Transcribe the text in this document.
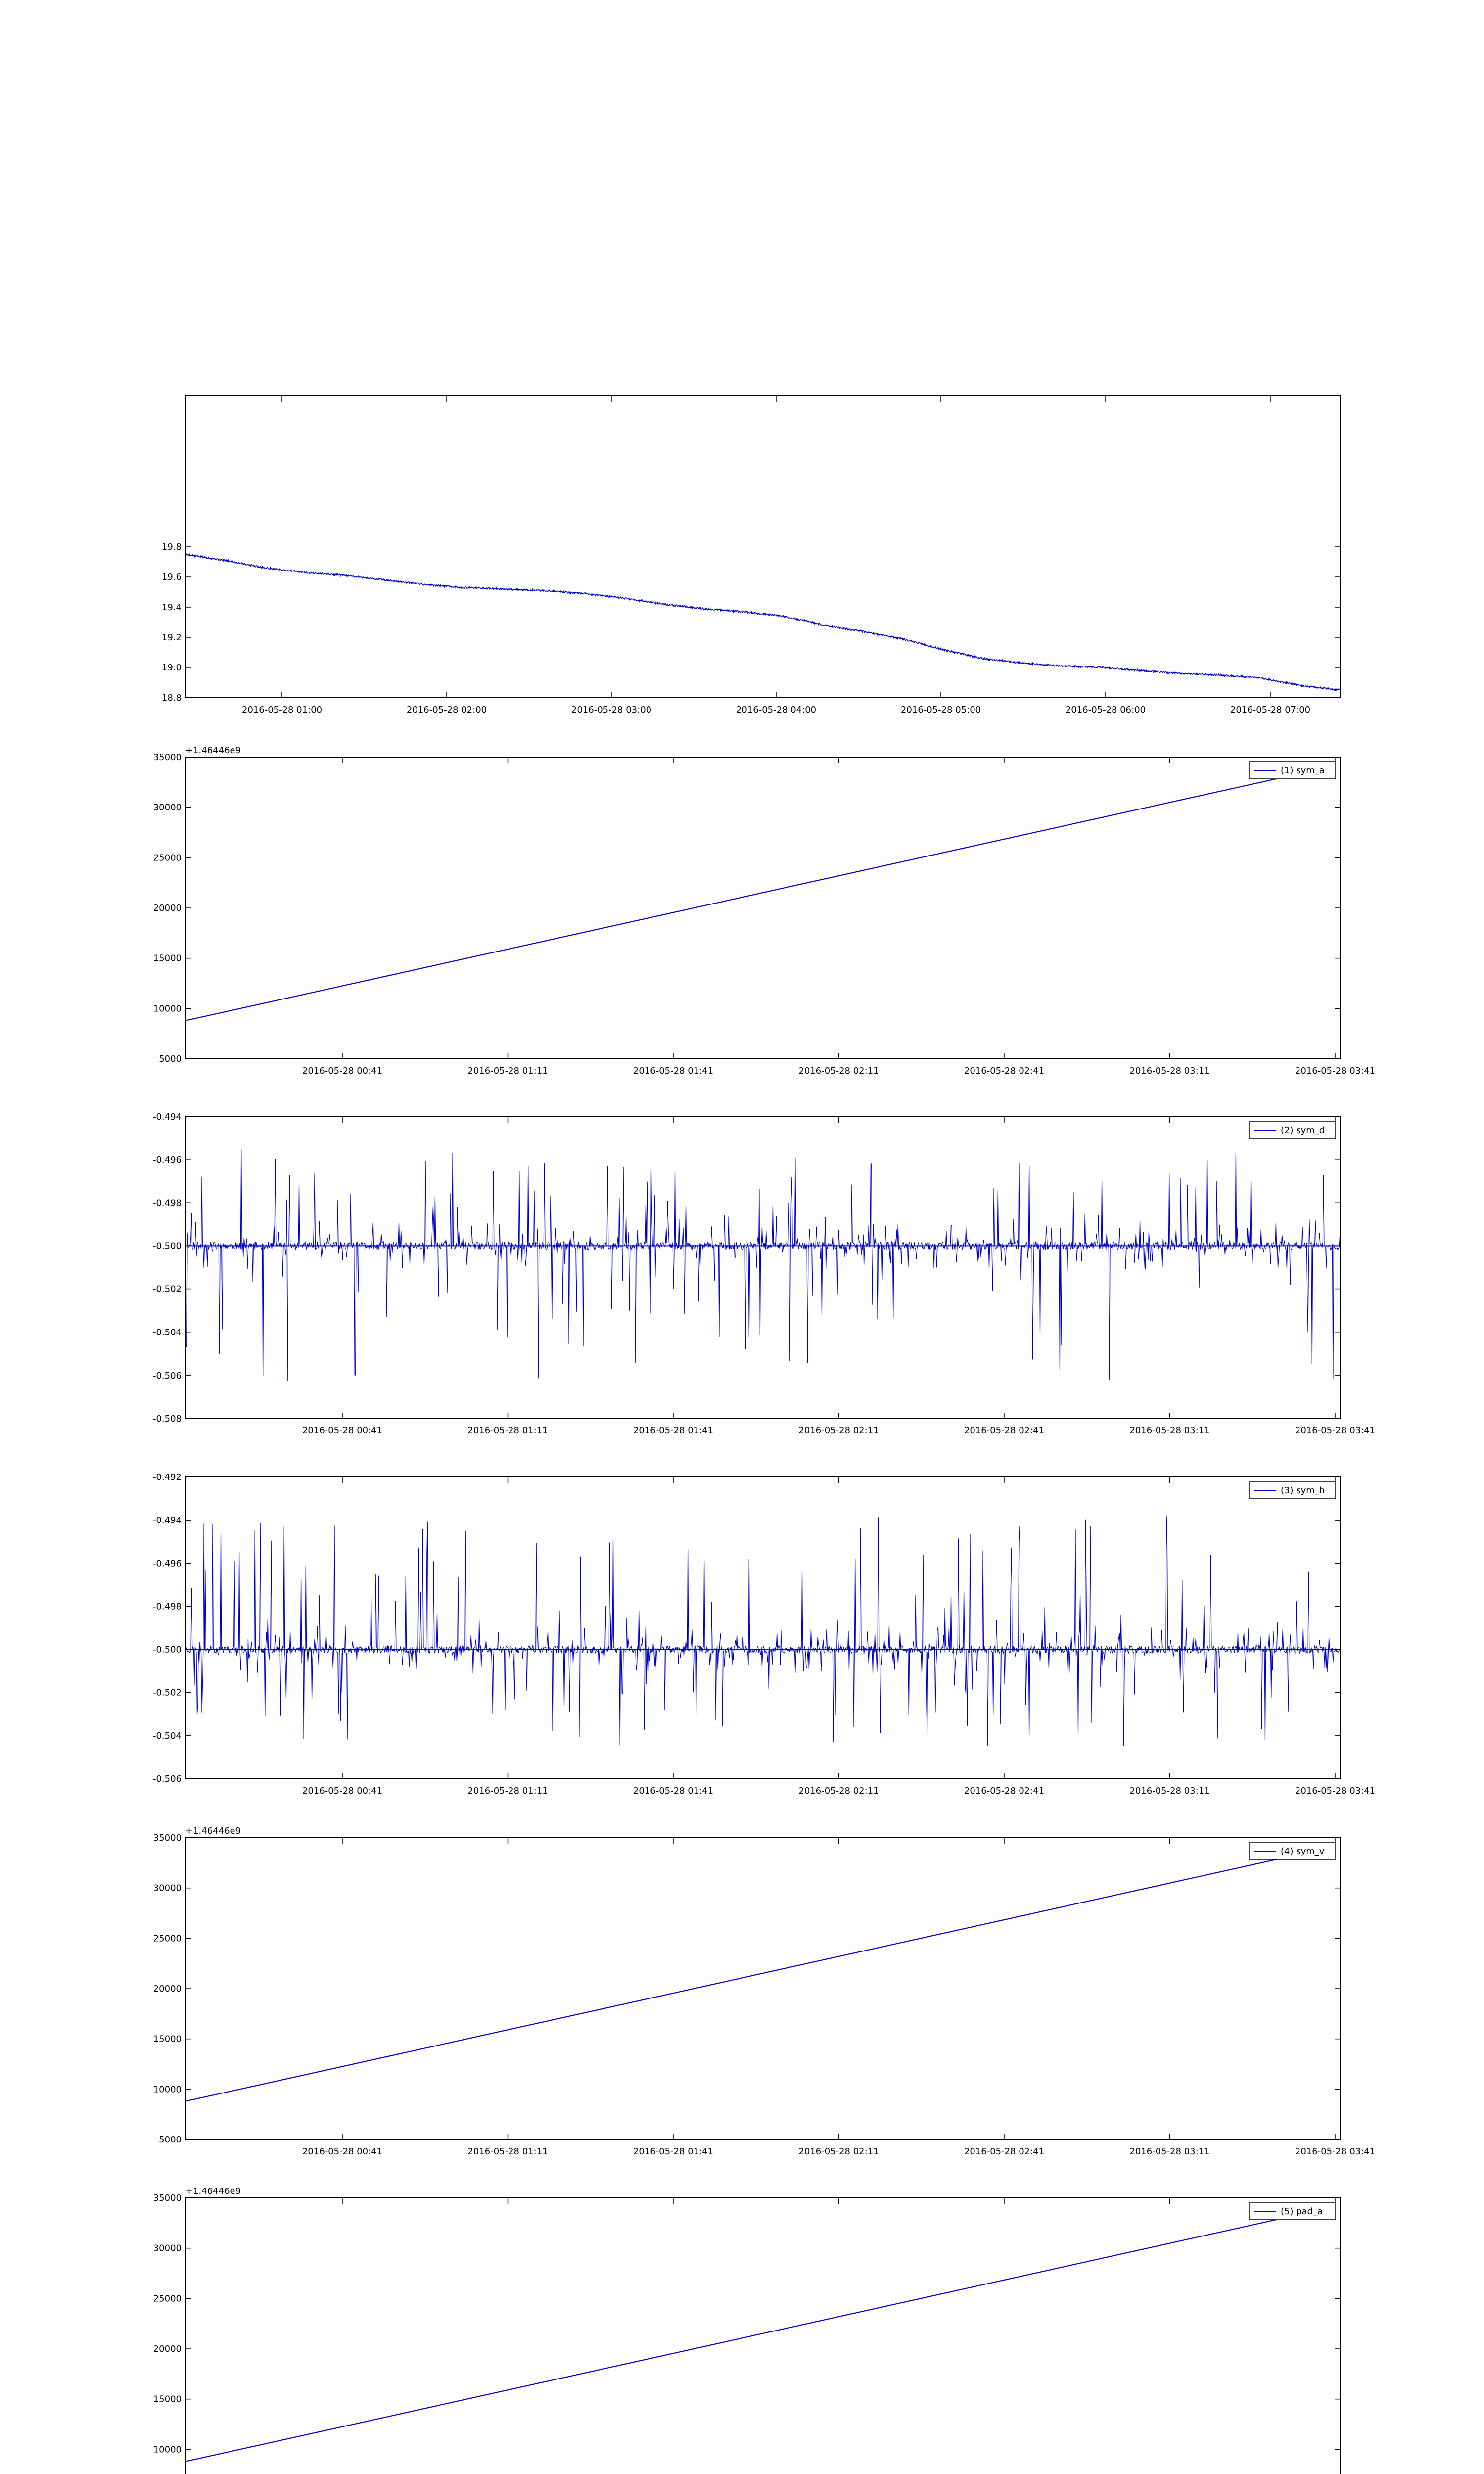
18.8
19.0
19.2
19.4
19.6
19.8
2016-05-28 01:00	2016-05-28 02:00	2016-05-28 03:00	2016-05-28 04:00	2016-05-28 05:00	2016-05-28 06:00	2016-05-28 07:00
5000
10000
15000
20000
25000
30000
35000
2016-05-28 00:41	2016-05-28 01:11	2016-05-28 01:41	2016-05-28 02:11	2016-05-28 02:41	2016-05-28 03:11	2016-05-28 03:41
+1.46446e9
(1) sym_a
-0.494
-0.496
-0.498
-0.500
-0.502
-0.504
-0.506
-0.508
2016-05-28 00:41	2016-05-28 01:11	2016-05-28 01:41	2016-05-28 02:11	2016-05-28 02:41	2016-05-28 03:11	2016-05-28 03:41
(2) sym_d
-0.492
-0.494
-0.496
-0.498
-0.500
-0.502
-0.504
-0.506
2016-05-28 00:41	2016-05-28 01:11	2016-05-28 01:41	2016-05-28 02:11	2016-05-28 02:41	2016-05-28 03:11	2016-05-28 03:41
(3) sym_h
5000
10000
15000
20000
25000
30000
35000
2016-05-28 00:41	2016-05-28 01:11	2016-05-28 01:41	2016-05-28 02:11	2016-05-28 02:41	2016-05-28 03:11	2016-05-28 03:41
+1.46446e9
(4) sym_v
10000
15000
20000
25000
30000
35000
+1.46446e9
(5) pad_a
